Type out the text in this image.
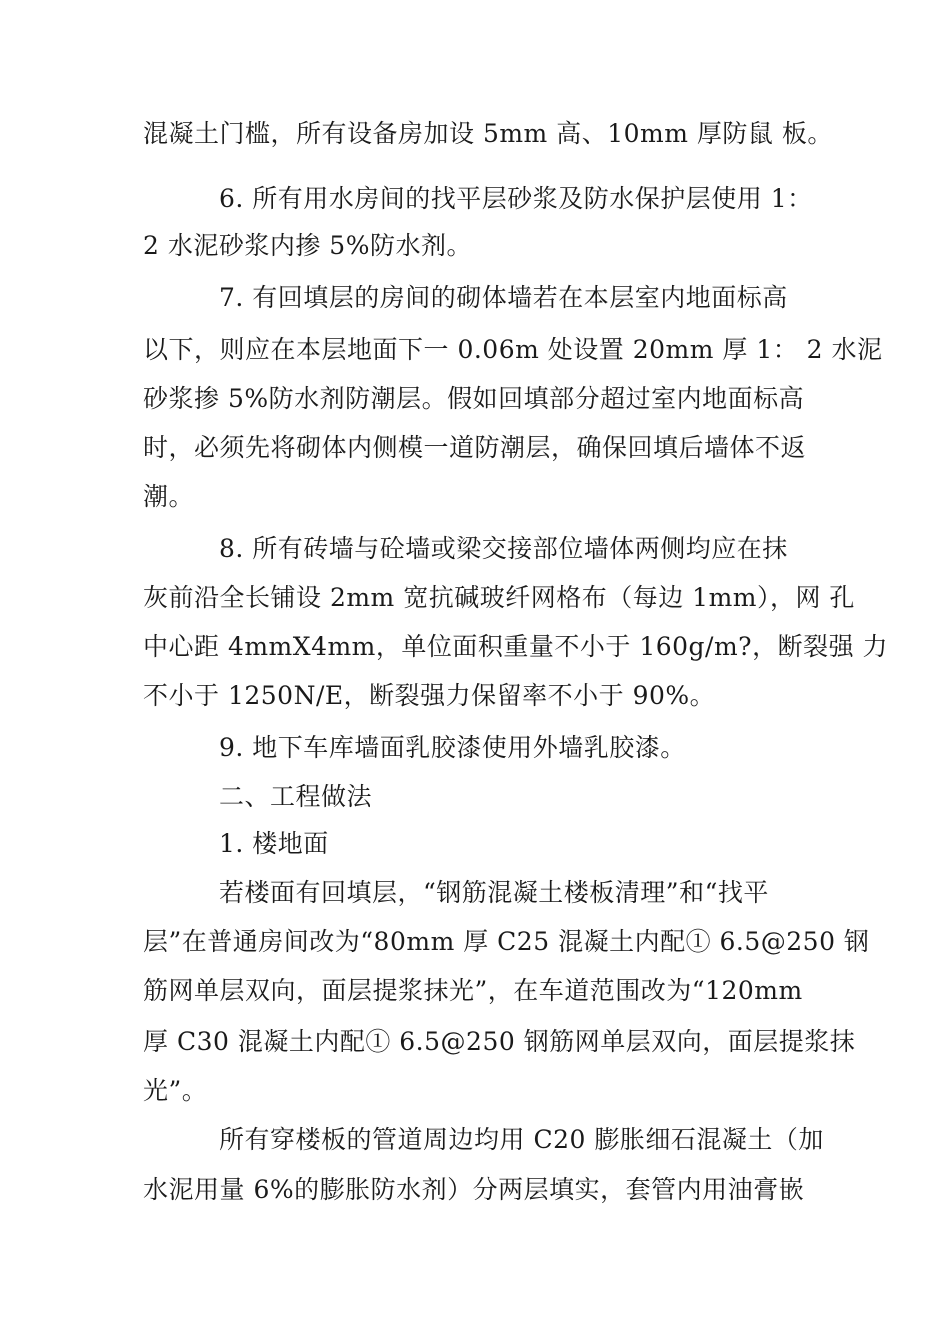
混凝土门槛，所有设备房加设 5mm 高、10mm 厚防鼠 板。
6. 所有用水房间的找平层砂浆及防水保护层使用 1：
2 水泥砂浆内掺 5%防水剂。
7. 有回填层的房间的砌体墙若在本层室内地面标高
以下，则应在本层地面下一 0.06m 处设置 20mm 厚 1： 2 水泥
砂浆掺 5%防水剂防潮层。假如回填部分超过室内地面标高
时，必须先将砌体内侧模一道防潮层，确保回填后墙体不返
潮。
8. 所有砖墙与砼墙或梁交接部位墙体两侧均应在抹
灰前沿全长铺设 2mm 宽抗碱玻纤网格布（每边 1mm），网 孔
中心距 4mmX4mm，单位面积重量不小于 160g/m?，断裂强 力
不小于 1250N/E，断裂强力保留率不小于 90%。
9. 地下车库墙面乳胶漆使用外墙乳胶漆。
二、工程做法
1. 楼地面
若楼面有回填层，“钢筋混凝土楼板清理”和“找平
层”在普通房间改为“80mm 厚 C25 混凝土内配① 6.5@250 钢
筋网单层双向，面层提浆抹光”，在车道范围改为“120mm
厚 C30 混凝土内配① 6.5@250 钢筋网单层双向，面层提浆抹
光”。
所有穿楼板的管道周边均用 C20 膨胀细石混凝土（加
水泥用量 6%的膨胀防水剂）分两层填实，套管内用油膏嵌
